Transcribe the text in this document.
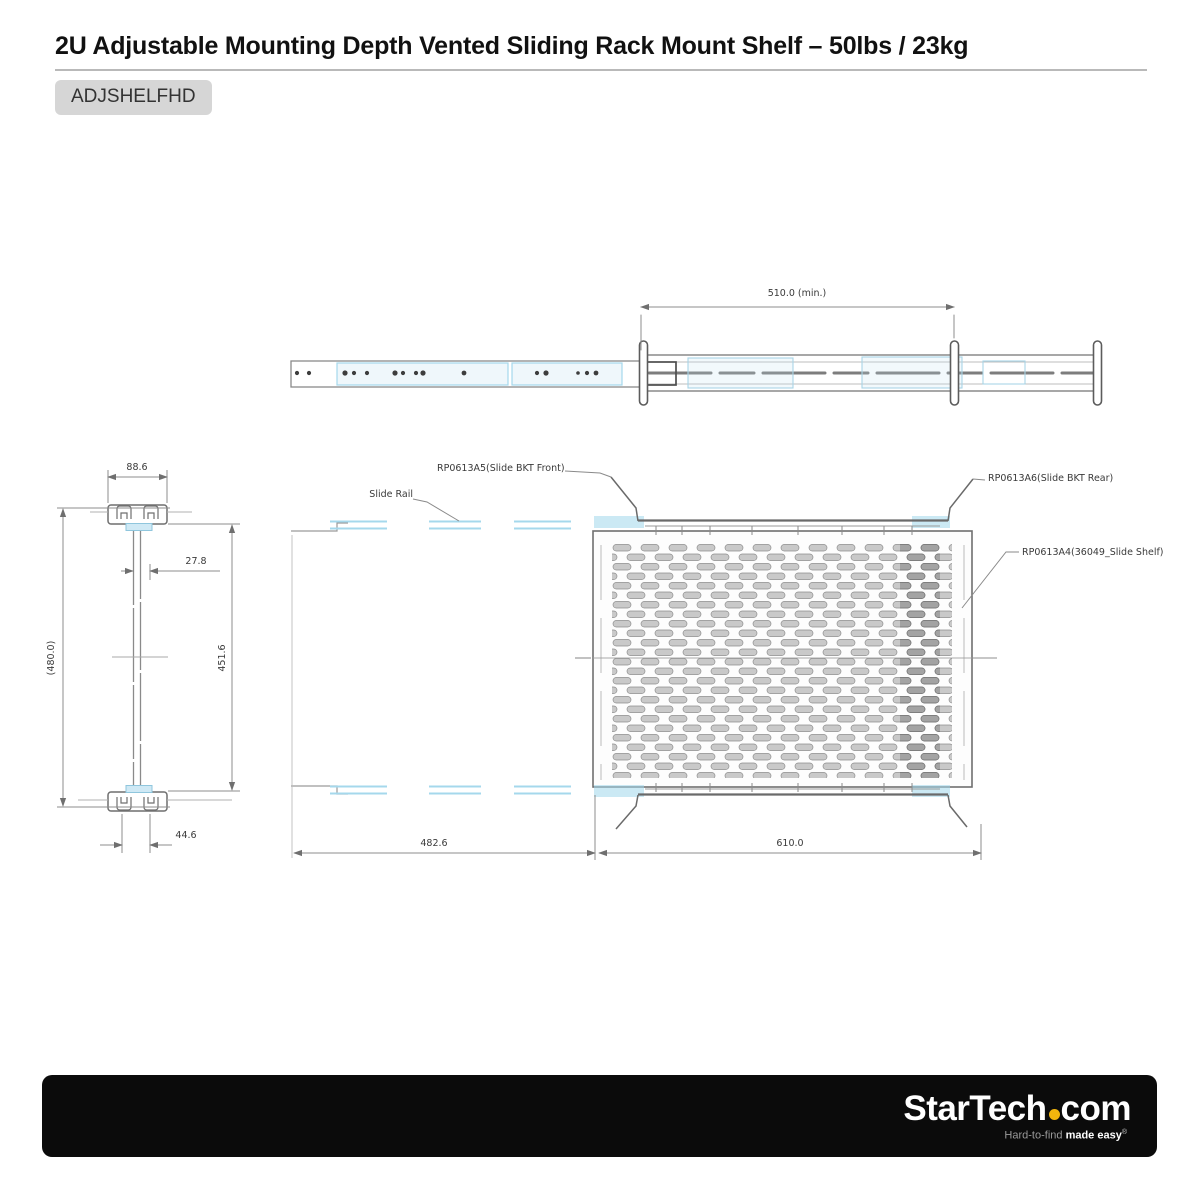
2U Adjustable Mounting Depth Vented Sliding Rack Mount Shelf – 50lbs / 23kg
ADJSHELFHD
510.0 (min.)
88.6
27.8
(480.0)	451.6
44.6
Slide Rail
RP0613A5(Slide BKT Front)
RP0613A6(Slide BKT Rear)
RP0613A4(36049_Slide Shelf)
482.6	610.0
StarTech com
Hard-to-find made easy®
